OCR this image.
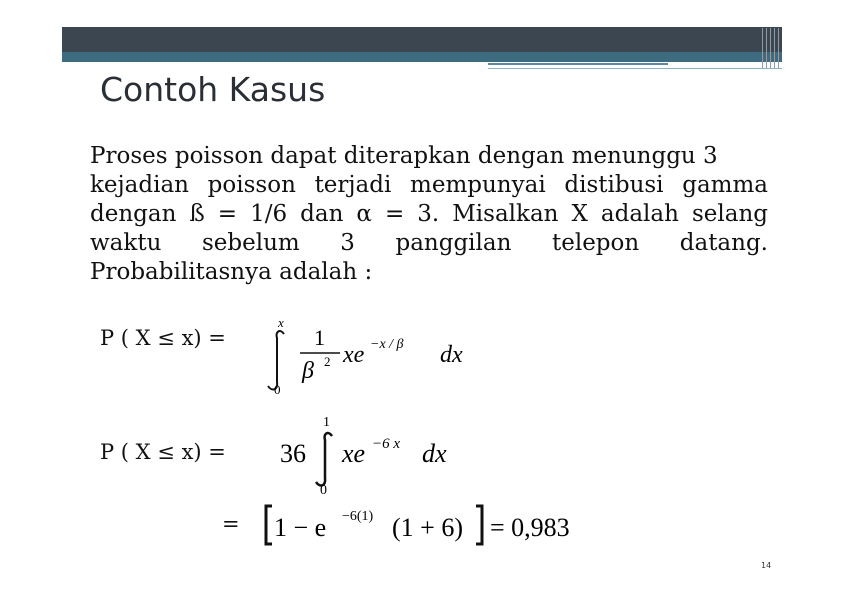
Contoh Kasus
Proses poisson dapat diterapkan dengan menunggu 3
kejadian poisson terjadi mempunyai distibusi gamma dengan ß = 1/6 dan α = 3. Misalkan X adalah selang waktu sebelum 3 panggilan telepon datang. Probabilitasnya adalah :
P ( X ≤ x) =
x
0
1
β 2 xe −x / β dx
P ( X ≤ x) = 36
1
0
xe −6 x dx
= 1 − e −6(1) (1 + 6) = 0,983
14
